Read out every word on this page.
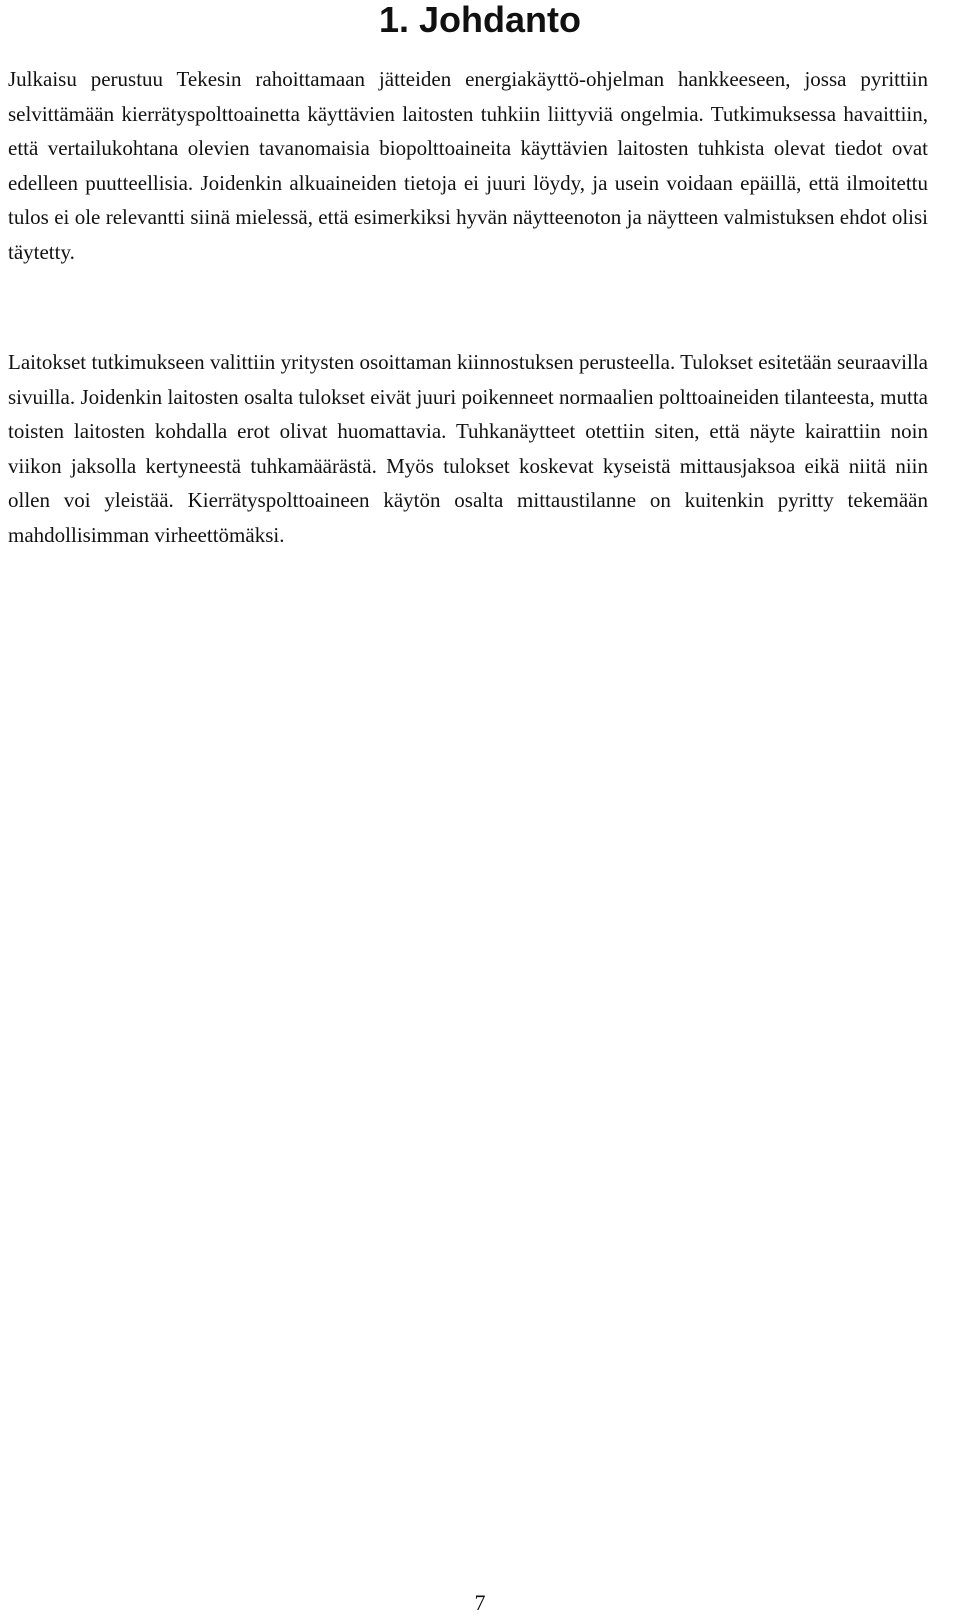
1. Johdanto

Julkaisu perustuu Tekesin rahoittamaan jätteiden energiakäyttö-ohjelman hankkeeseen, jossa pyrittiin selvittämään kierrätyspolttoainetta käyttävien laitosten tuhkiin liittyviä ongelmia. Tutkimuksessa havaittiin, että vertailukohtana olevien tavanomaisia biopolttoaineita käyttävien laitosten tuhkista olevat tiedot ovat edelleen puutteellisia. Joidenkin alkuaineiden tietoja ei juuri löydy, ja usein voidaan epäillä, että ilmoitettu tulos ei ole relevantti siinä mielessä, että esimerkiksi hyvän näytteenoton ja näytteen valmistuksen ehdot olisi täytetty.

Laitokset tutkimukseen valittiin yritysten osoittaman kiinnostuksen perusteella. Tulokset esitetään seuraavilla sivuilla. Joidenkin laitosten osalta tulokset eivät juuri poikenneet normaalien polttoaineiden tilanteesta, mutta toisten laitosten kohdalla erot olivat huomattavia. Tuhkanäytteet otettiin siten, että näyte kairattiin noin viikon jaksolla kertyneestä tuhkamäärästä. Myös tulokset koskevat kyseistä mittausjaksoa eikä niitä niin ollen voi yleistää. Kierrätyspolttoaineen käytön osalta mittaustilanne on kuitenkin pyritty tekemään mahdollisimman virheettömäksi.

7
